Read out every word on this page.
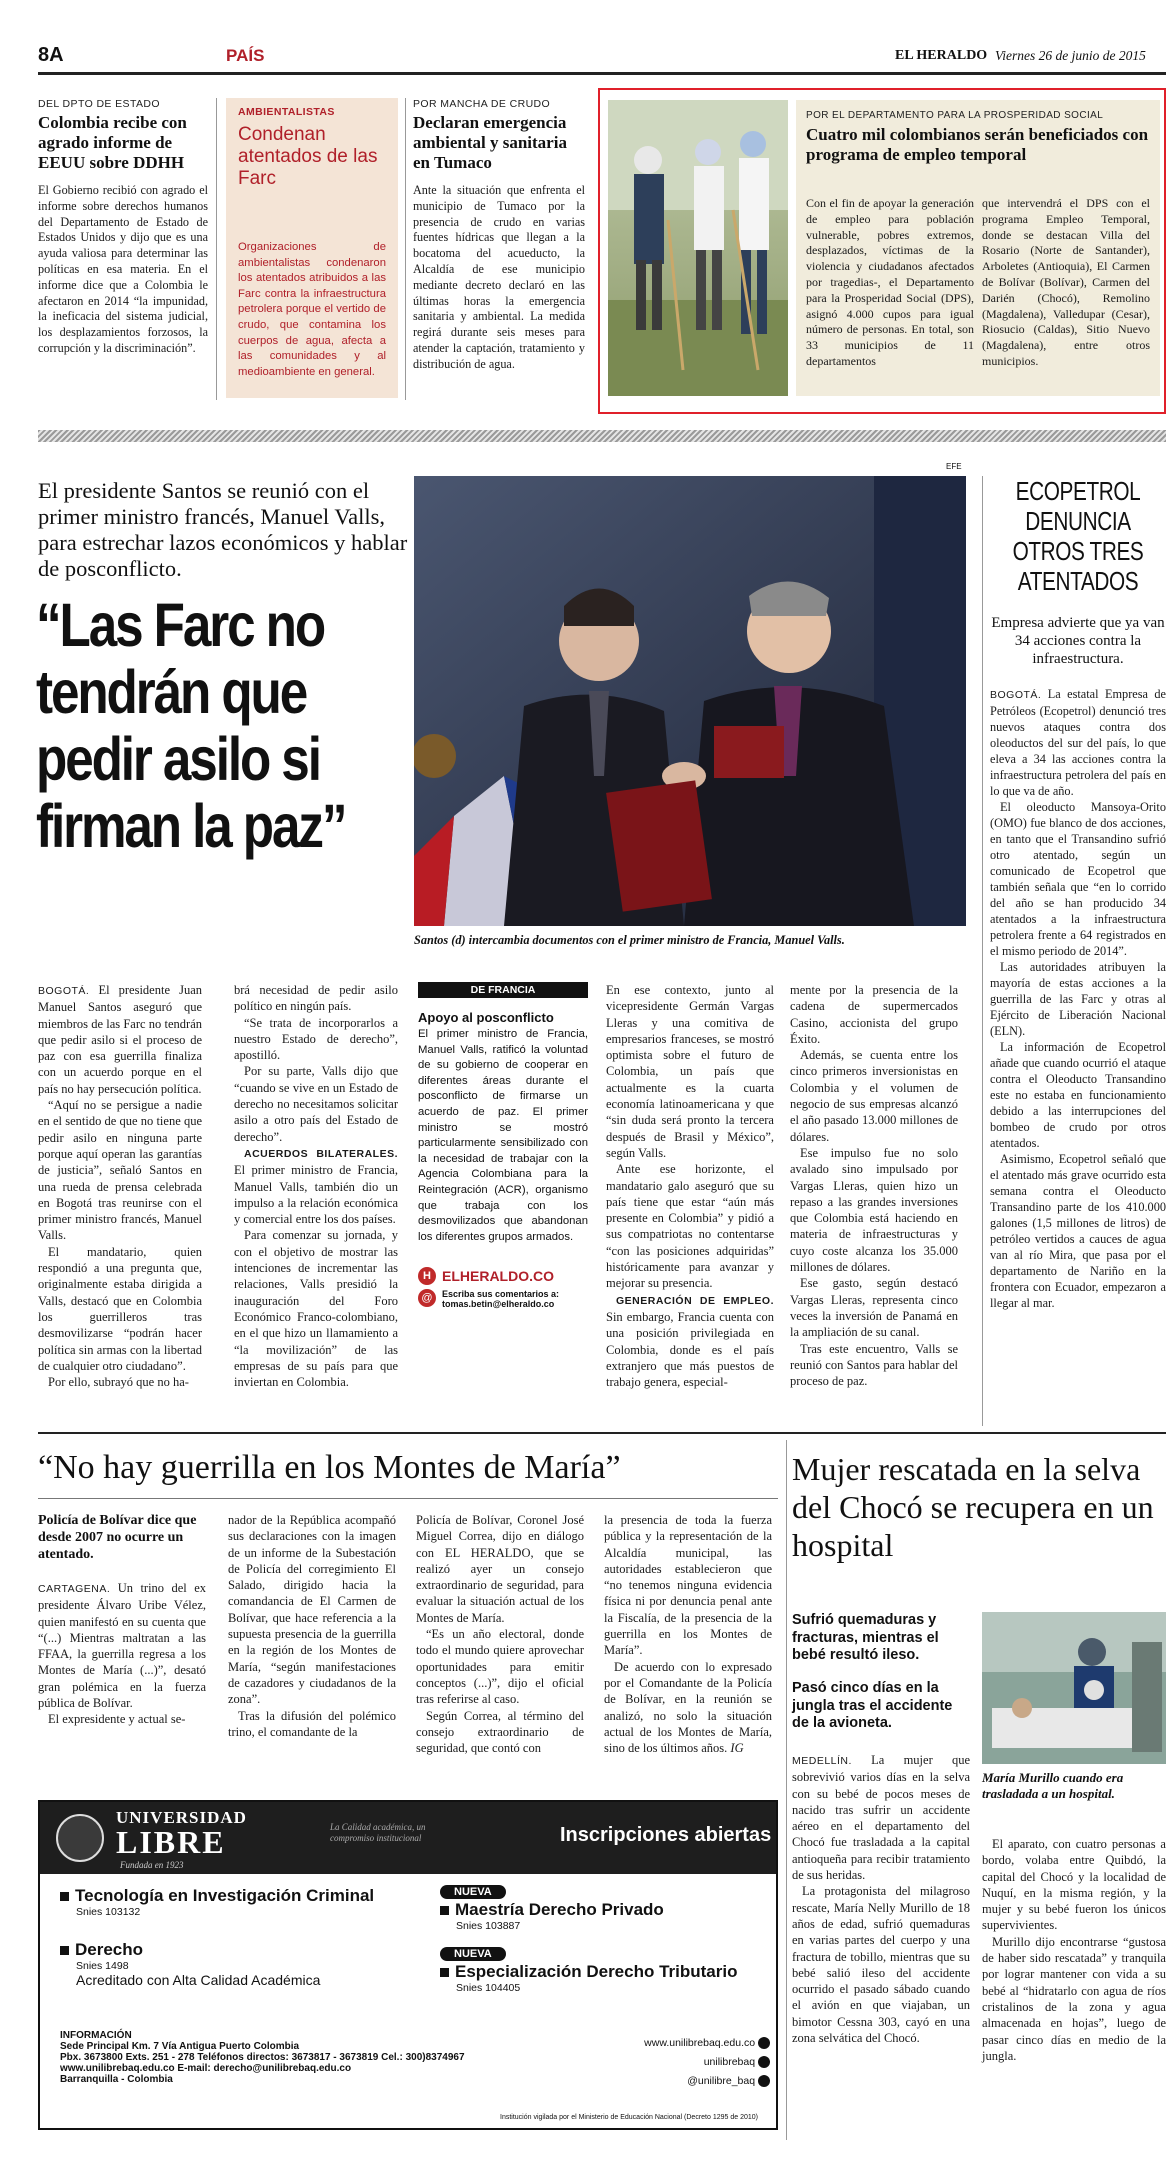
8A	PAÍS	EL HERALDO Viernes 26 de junio de 2015
DEL DPTO DE ESTADO
Colombia recibe con agrado informe de EEUU sobre DDHH
El Gobierno recibió con agrado el informe sobre derechos humanos del Departamento de Estado de Estados Unidos y dijo que es una ayuda valiosa para determinar las políticas en esa materia. En el informe dice que a Colombia le afectaron en 2014 “la impunidad, la ineficacia del sistema judicial, los desplazamientos forzosos, la corrupción y la discriminación”.
AMBIENTALISTAS
Condenan atentados de las Farc
Organizaciones de ambientalistas condenaron los atentados atribuidos a las Farc contra la infraestructura petrolera porque el vertido de crudo, que contamina los cuerpos de agua, afecta a las comunidades y al medioambiente en general.
POR MANCHA DE CRUDO
Declaran emergencia ambiental y sanitaria en Tumaco
Ante la situación que enfrenta el municipio de Tumaco por la presencia de crudo en varias fuentes hídricas que llegan a la bocatoma del acueducto, la Alcaldía de ese municipio mediante decreto declaró en las últimas horas la emergencia sanitaria y ambiental. La medida regirá durante seis meses para atender la captación, tratamiento y distribución de agua.
POR EL DEPARTAMENTO PARA LA PROSPERIDAD SOCIAL
Cuatro mil colombianos serán beneficiados con programa de empleo temporal
Con el fin de apoyar la generación de empleo para población vulnerable, pobres extremos, desplazados, víctimas de la violencia y ciudadanos afectados por tragedias-, el Departamento para la Prosperidad Social (DPS), asignó 4.000 cupos para igual número de personas. En total, son 33 municipios de 11 departamentos
que intervendrá el DPS con el programa Empleo Temporal, donde se destacan Villa del Rosario (Norte de Santander), Arboletes (Antioquia), El Carmen de Bolívar (Bolívar), Carmen del Darién (Chocó), Remolino (Magdalena), Valledupar (Cesar), Riosucio (Caldas), Sitio Nuevo (Magdalena), entre otros municipios.
El presidente Santos se reunió con el primer ministro francés, Manuel Valls, para estrechar lazos económicos y hablar de posconflicto.
“Las Farc no tendrán que pedir asilo si firman la paz”
EFE
Santos (d) intercambia documentos con el primer ministro de Francia, Manuel Valls.

BOGOTÁ. El presidente Juan Manuel Santos aseguró que miembros de las Farc no tendrán que pedir asilo si el proceso de paz con esa guerrilla finaliza con un acuerdo porque en el país no hay persecución política.

“Aquí no se persigue a nadie en el sentido de que no tiene que pedir asilo en ninguna parte porque aquí operan las garantías de justicia”, señaló Santos en una rueda de prensa celebrada en Bogotá tras reunirse con el primer ministro francés, Manuel Valls.

El mandatario, quien respondió a una pregunta que, originalmente estaba dirigida a Valls, destacó que en Colombia los guerrilleros tras desmovilizarse “podrán hacer política sin armas con la libertad de cualquier otro ciudadano”.

Por ello, subrayó que no ha-

brá necesidad de pedir asilo político en ningún país.

“Se trata de incorporarlos a nuestro Estado de derecho”, apostilló.

Por su parte, Valls dijo que “cuando se vive en un Estado de derecho no necesitamos solicitar asilo a otro país del Estado de derecho”.

ACUERDOS BILATERALES. El primer ministro de Francia, Manuel Valls, también dio un impulso a la relación económica y comercial entre los dos países.

Para comenzar su jornada, y con el objetivo de mostrar las intenciones de incrementar las relaciones, Valls presidió la inauguración del Foro Económico Franco-colombiano, en el que hizo un llamamiento a “la movilización” de las empresas de su país para que inviertan en Colombia.

DE FRANCIA
Apoyo al posconflicto
El primer ministro de Francia, Manuel Valls, ratificó la voluntad de su gobierno de cooperar en diferentes áreas durante el posconflicto de firmarse un acuerdo de paz. El primer ministro se mostró particularmente sensibilizado con la necesidad de trabajar con la Agencia Colombiana para la Reintegración (ACR), organismo que trabaja con los desmovilizados que abandonan los diferentes grupos armados.
H ELHERALDO.CO
@	Escriba sus comentarios a:
tomas.betin@elheraldo.co

En ese contexto, junto al vicepresidente Germán Vargas Lleras y una comitiva de empresarios franceses, se mostró optimista sobre el futuro de Colombia, un país que actualmente es la cuarta economía latinoamericana y que “sin duda será pronto la tercera después de Brasil y México”, según Valls.

Ante ese horizonte, el mandatario galo aseguró que su país tiene que estar “aún más presente en Colombia” y pidió a sus compatriotas no contentarse “con las posiciones adquiridas” históricamente para avanzar y mejorar su presencia.

GENERACIÓN DE EMPLEO. Sin embargo, Francia cuenta con una posición privilegiada en Colombia, donde es el país extranjero que más puestos de trabajo genera, especial-

mente por la presencia de la cadena de supermercados Casino, accionista del grupo Éxito.

Además, se cuenta entre los cinco primeros inversionistas en Colombia y el volumen de negocio de sus empresas alcanzó el año pasado 13.000 millones de dólares.

Ese impulso fue no solo avalado sino impulsado por Vargas Lleras, quien hizo un repaso a las grandes inversiones que Colombia está haciendo en materia de infraestructuras y cuyo coste alcanza los 35.000 millones de dólares.

Ese gasto, según destacó Vargas Lleras, representa cinco veces la inversión de Panamá en la ampliación de su canal.

Tras este encuentro, Valls se reunió con Santos para hablar del proceso de paz.

ECOPETROL DENUNCIA OTROS TRES ATENTADOS
Empresa advierte que ya van 34 acciones contra la infraestructura.

BOGOTÁ. La estatal Empresa de Petróleos (Ecopetrol) denunció tres nuevos ataques contra dos oleoductos del sur del país, lo que eleva a 34 las acciones contra la infraestructura petrolera del país en lo que va de año.

El oleoducto Mansoya-Orito (OMO) fue blanco de dos acciones, en tanto que el Transandino sufrió otro atentado, según un comunicado de Ecopetrol que también señala que “en lo corrido del año se han producido 34 atentados a la infraestructura petrolera frente a 64 registrados en el mismo periodo de 2014”.

Las autoridades atribuyen la mayoría de estas acciones a la guerrilla de las Farc y otras al Ejército de Liberación Nacional (ELN).

La información de Ecopetrol añade que cuando ocurrió el ataque contra el Oleoducto Transandino este no estaba en funcionamiento debido a las interrupciones del bombeo de crudo por otros atentados.

Asimismo, Ecopetrol señaló que el atentado más grave ocurrido esta semana contra el Oleoducto Transandino parte de los 410.000 galones (1,5 millones de litros) de petróleo vertidos a cauces de agua van al río Mira, que pasa por el departamento de Nariño en la frontera con Ecuador, empezaron a llegar al mar.

“No hay guerrilla en los Montes de María”
Policía de Bolívar dice que desde 2007 no ocurre un atentado.

CARTAGENA. Un trino del ex presidente Álvaro Uribe Vélez, quien manifestó en su cuenta que “(...) Mientras maltratan a las FFAA, la guerrilla regresa a los Montes de María (...)”, desató gran polémica en la fuerza pública de Bolívar.

El expresidente y actual se-

nador de la República acompañó sus declaraciones con la imagen de un informe de la Subestación de Policía del corregimiento El Salado, dirigido hacia la comandancia de El Carmen de Bolívar, que hace referencia a la supuesta presencia de la guerrilla en la región de los Montes de María, “según manifestaciones de cazadores y ciudadanos de la zona”.

Tras la difusión del polémico trino, el comandante de la

Policía de Bolívar, Coronel José Miguel Correa, dijo en diálogo con EL HERALDO, que se realizó ayer un consejo extraordinario de seguridad, para evaluar la situación actual de los Montes de María.

“Es un año electoral, donde todo el mundo quiere aprovechar oportunidades para emitir conceptos (...)”, dijo el oficial tras referirse al caso.

Según Correa, al término del consejo extraordinario de seguridad, que contó con

la presencia de toda la fuerza pública y la representación de la Alcaldía municipal, las autoridades establecieron que “no tenemos ninguna evidencia física ni por denuncia penal ante la Fiscalía, de la presencia de la guerrilla en los Montes de María”.

De acuerdo con lo expresado por el Comandante de la Policía de Bolívar, en la reunión se analizó, no solo la situación actual de los Montes de María, sino de los últimos años. IG

Mujer rescatada en la selva del Chocó se recupera en un hospital
Sufrió quemaduras y fracturas, mientras el bebé resultó ileso.
Pasó cinco días en la jungla tras el accidente de la avioneta.
María Murillo cuando era trasladada a un hospital.

MEDELLÍN. La mujer que sobrevivió varios días en la selva con su bebé de pocos meses de nacido tras sufrir un accidente aéreo en el departamento del Chocó fue trasladada a la capital antioqueña para recibir tratamiento de sus heridas.

La protagonista del milagroso rescate, María Nelly Murillo de 18 años de edad, sufrió quemaduras en varias partes del cuerpo y una fractura de tobillo, mientras que su bebé salió ileso del accidente ocurrido el pasado sábado cuando el avión en que viajaban, un bimotor Cessna 303, cayó en una zona selvática del Chocó.

El aparato, con cuatro personas a bordo, volaba entre Quibdó, la capital del Chocó y la localidad de Nuquí, en la misma región, y la mujer y su bebé fueron los únicos supervivientes.

Murillo dijo encontrarse “gustosa de haber sido rescatada” y tranquila por lograr mantener con vida a su bebé al “hidratarlo con agua de ríos cristalinos de la zona y agua almacenada en hojas”, luego de pasar cinco días en medio de la jungla.

UNIVERSIDAD
LIBRE
Fundada en 1923
La Calidad académica, un compromiso institucional	Inscripciones abiertas
Tecnología en Investigación Criminal
Snies 103132
Derecho
Snies 1498
Acreditado con Alta Calidad Académica
NUEVA
Maestría Derecho Privado
Snies 103887
NUEVA
Especialización Derecho Tributario
Snies 104405
INFORMACIÓN
Sede Principal Km. 7 Vía Antigua Puerto Colombia
Pbx. 3673800 Exts. 251 - 278 Teléfonos directos: 3673817 - 3673819 Cel.: 300)8374967
www.unilibrebaq.edu.co E-mail: derecho@unilibrebaq.edu.co
Barranquilla - Colombia
www.unilibrebaq.edu.co
unilibrebaq
@unilibre_baq
Institución vigilada por el Ministerio de Educación Nacional (Decreto 1295 de 2010)
